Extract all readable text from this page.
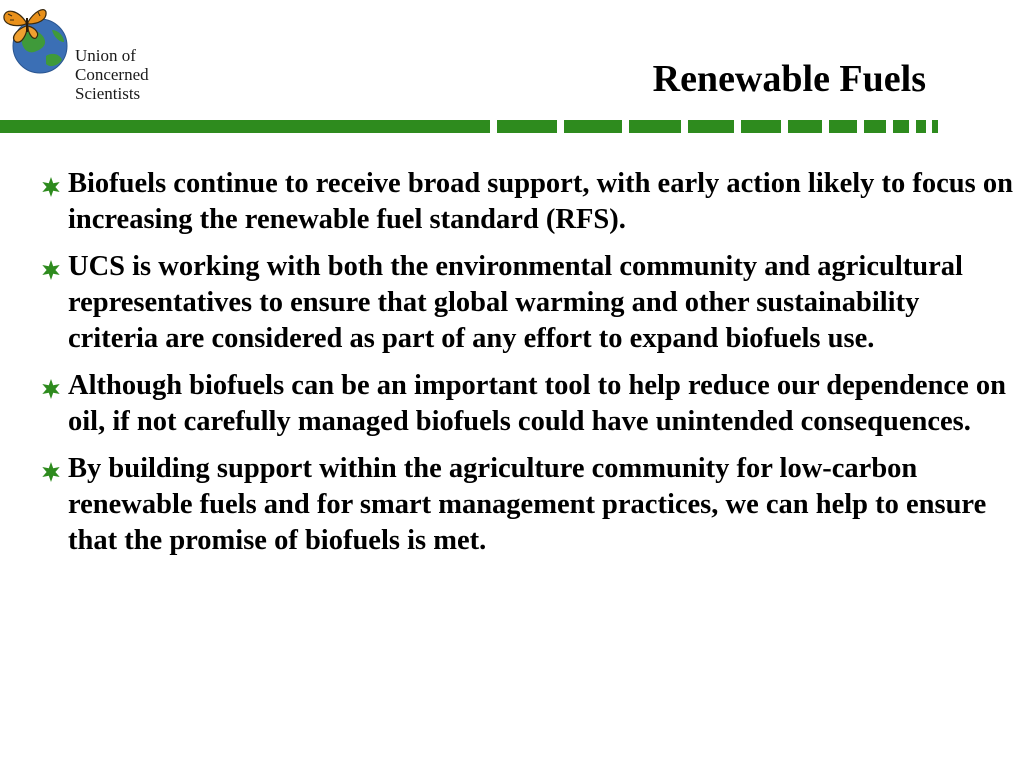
Union of
Concerned
Scientists	Renewable Fuels
Biofuels continue to receive broad support, with early action likely to focus on increasing the renewable fuel standard (RFS).
UCS is working with both the environmental community and agricultural representatives to ensure that global warming and other sustainability criteria are considered as part of any effort to expand biofuels use.
Although biofuels can be an important tool to help reduce our dependence on oil, if not carefully managed biofuels could have unintended consequences.
By building support within the agriculture community for low-carbon renewable fuels and for smart management practices, we can help to ensure that the promise of biofuels is met.
